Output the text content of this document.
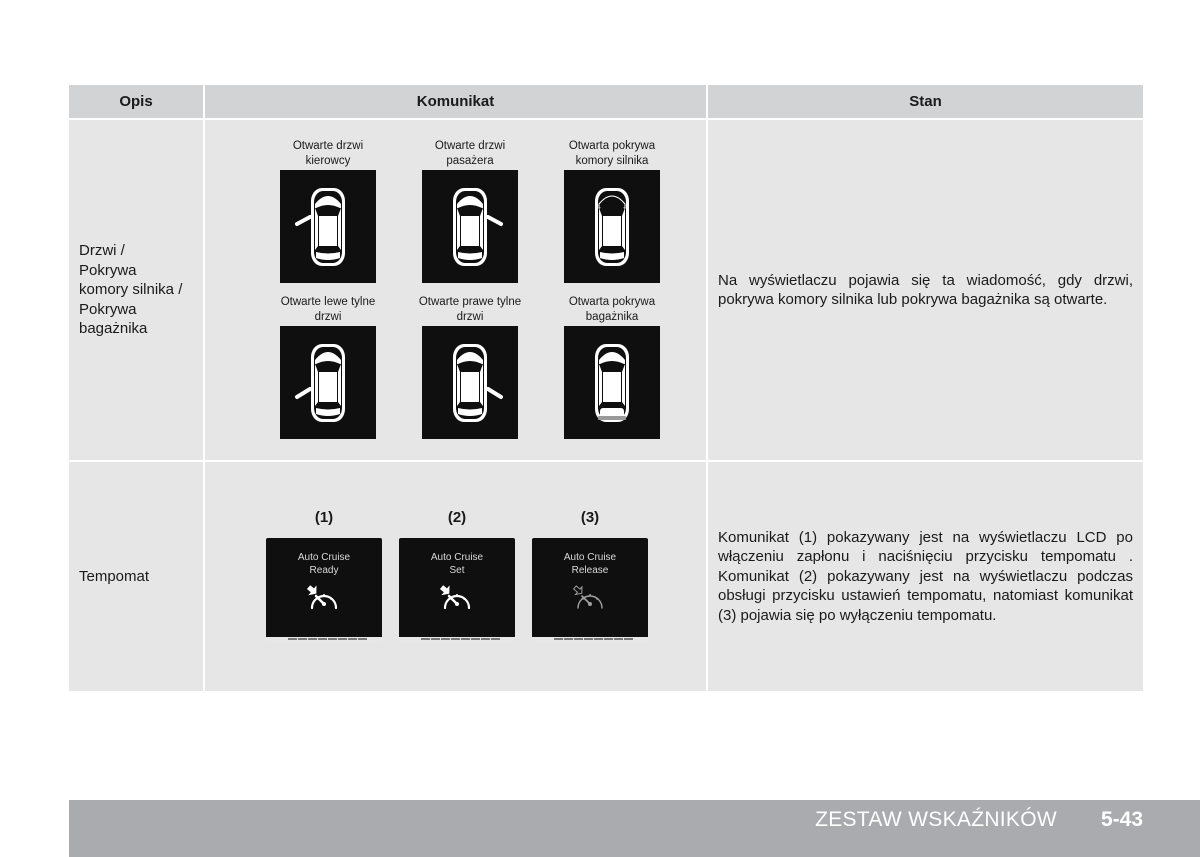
Opis	Komunikat	Stan
Drzwi /
Pokrywa
komory silnika /
Pokrywa
bagażnika
Otwarte drzwi
kierowcy
Otwarte drzwi
pasażera
Otwarta pokrywa
komory silnika
Otwarte lewe tylne
drzwi
Otwarte prawe tylne
drzwi
Otwarta pokrywa
bagażnika
Na wyświetlaczu pojawia się ta wiadomość, gdy drzwi, pokrywa komory silnika lub pokrywa bagażnika są otwarte.
Tempomat
(1)
Auto Cruise
Ready
(2)
Auto Cruise
Set
(3)
Auto Cruise
Release
Komunikat (1) pokazywany jest na wyświetlaczu LCD po włączeniu zapłonu i naciśnięciu przycisku tempomatu . Komunikat (2) pokazywany jest na wyświetlaczu podczas obsługi przycisku ustawień tempomatu, natomiast komunikat (3) pojawia się po wyłączeniu tempomatu.
ZESTAW WSKAŹNIKÓW 5-43
